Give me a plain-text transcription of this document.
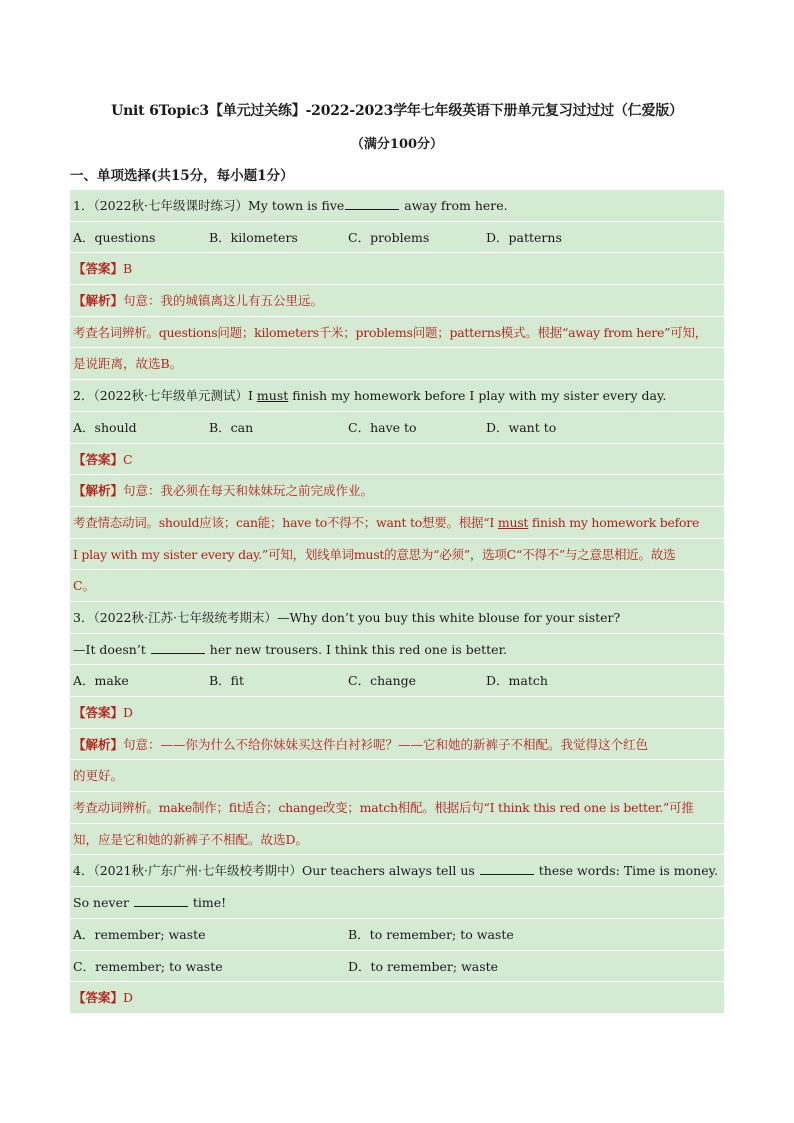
Unit 6Topic3【单元过关练】-2022-2023学年七年级英语下册单元复习过过过（仁爱版）
（满分100分）
一、单项选择(共15分，每小题1分）
1．（2022秋·七年级课时练习）My town is five	away from here.
A．questions	B．kilometers	C．problems	D．patterns
【答案】B
【解析】句意：我的城镇离这儿有五公里远。
考查名词辨析。questions问题；kilometers千米；problems问题；patterns模式。根据“away from here”可知，
是说距离，故选B。
2．（2022秋·七年级单元测试）I must finish my homework before I play with my sister every day.
A．should	B．can	C．have to	D．want to
【答案】C
【解析】句意：我必须在每天和妹妹玩之前完成作业。
考查情态动词。should应该；can能；have to不得不；want to想要。根据“I must finish my homework before
I play with my sister every day.”可知，划线单词must的意思为“必须”，选项C“不得不”与之意思相近。故选
C。
3．（2022秋·江苏·七年级统考期末）—Why don’t you buy this white blouse for your sister?
—It doesn’t	her new trousers. I think this red one is better.
A．make	B．fit	C．change	D．match
【答案】D
【解析】句意：——你为什么不给你妹妹买这件白衬衫呢？——它和她的新裤子不相配。我觉得这个红色
的更好。
考查动词辨析。make制作；fit适合；change改变；match相配。根据后句“I think this red one is better.”可推
知，应是它和她的新裤子不相配。故选D。
4．（2021秋·广东广州·七年级校考期中）Our teachers always tell us	these words: Time is money.
So never	time!
A．remember; waste	B．to remember; to waste
C．remember; to waste	D．to remember; waste
【答案】D
